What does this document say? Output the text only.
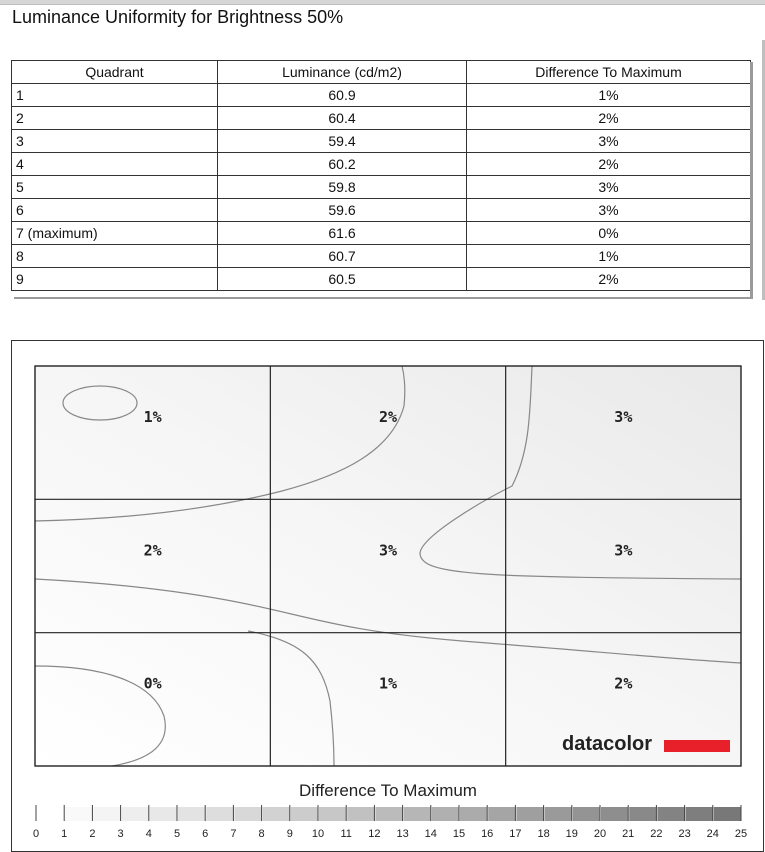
Luminance Uniformity for Brightness 50%
Quadrant	Luminance (cd/m2)	Difference To Maximum
1	60.9	1%
2	60.4	2%
3	59.4	3%
4	60.2	2%
5	59.8	3%
6	59.6	3%
7 (maximum)	61.6	0%
8	60.7	1%
9	60.5	2%
1%	2%	3%
2%	3%	3%
0%	1%	2%
datacolor
Difference To Maximum
0 1 2 3 4 5 6 7 8 9 10 11 12 13 14 15 16 17 18 19 20 21 22 23 24 25
